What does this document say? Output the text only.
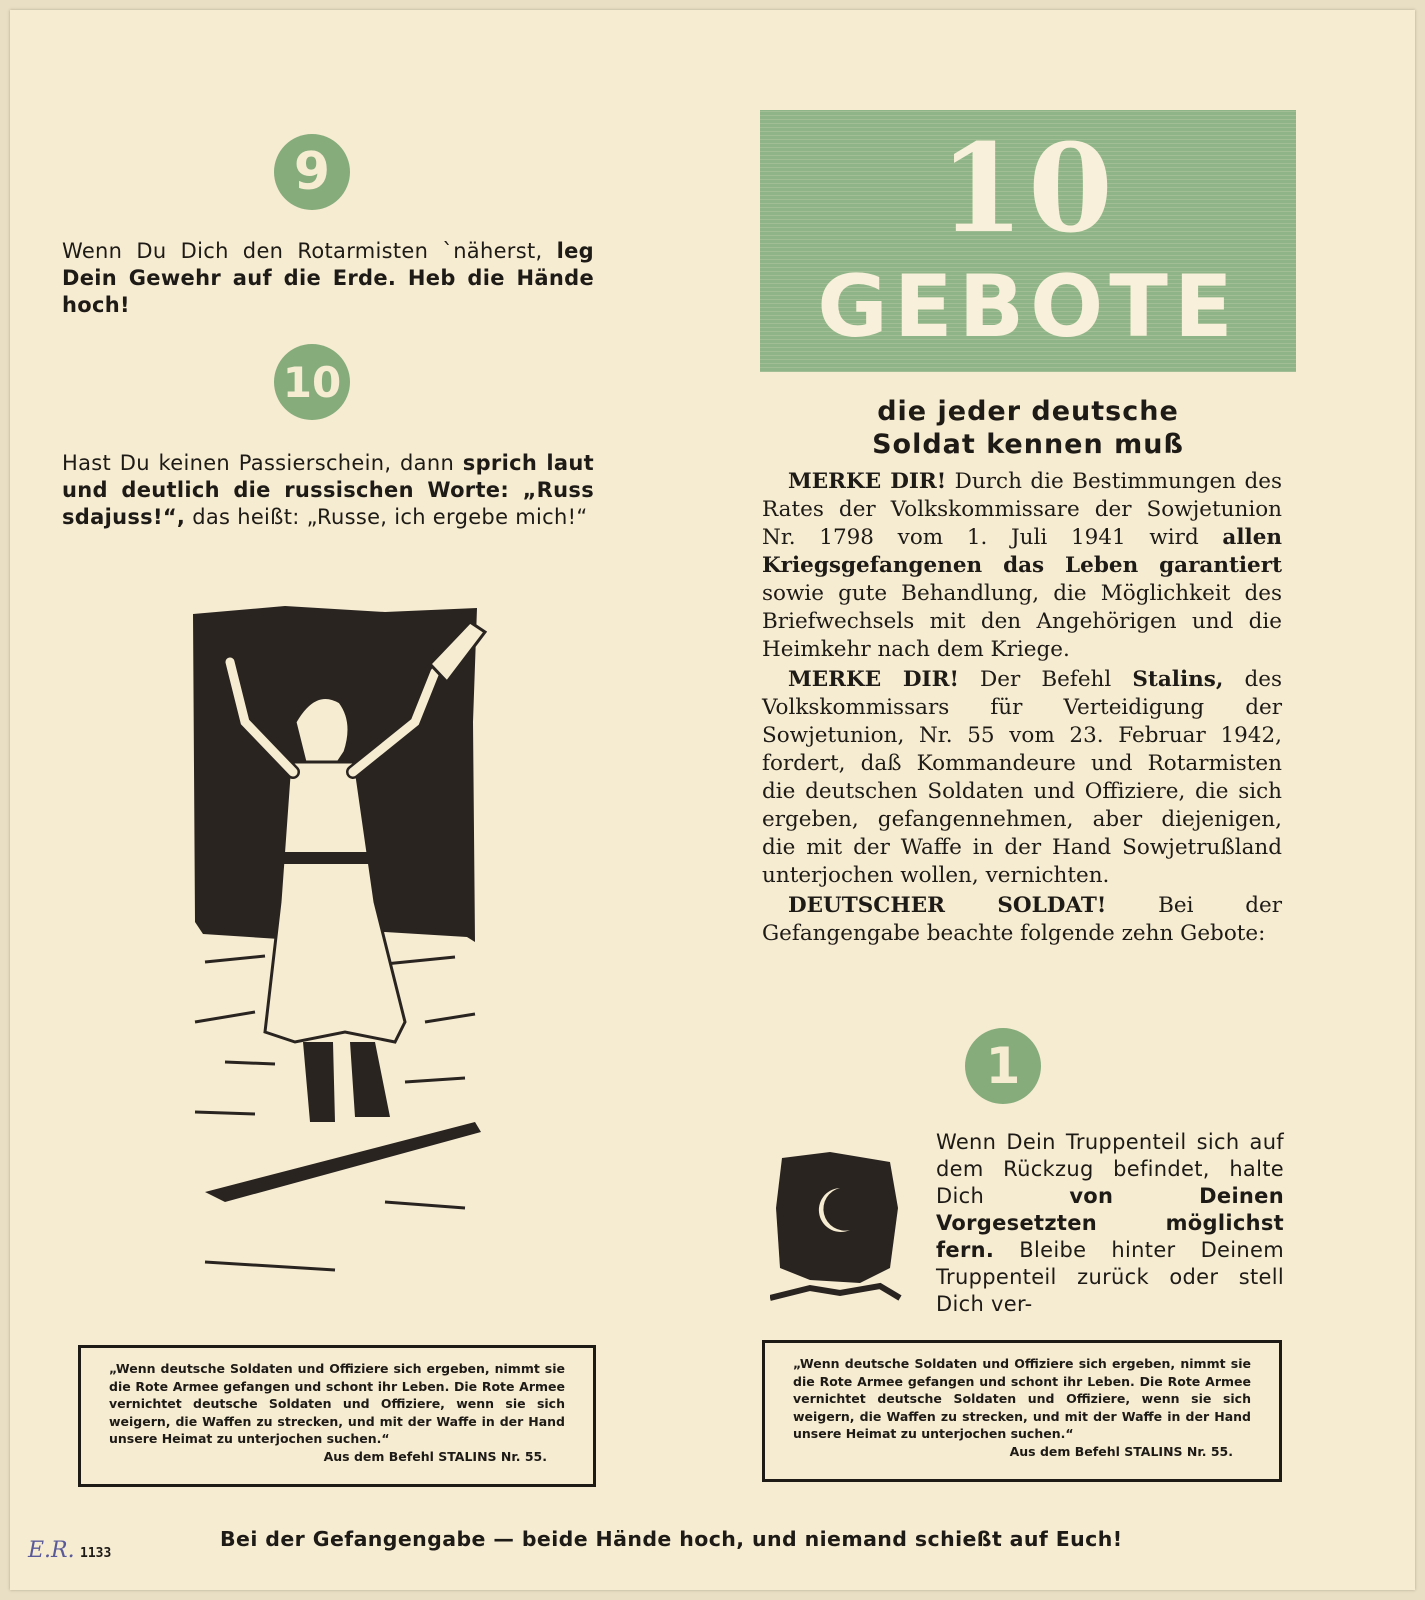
9
Wenn Du Dich den Rotarmisten `näherst, leg Dein Gewehr auf die Erde. Heb die Hände hoch!
10
Hast Du keinen Passierschein, dann sprich laut und deutlich die russischen Worte: „Russ sdajuss!“, das heißt: „Russe, ich ergebe mich!“
„Wenn deutsche Soldaten und Offiziere sich ergeben, nimmt sie die Rote Armee gefangen und schont ihr Leben. Die Rote Armee vernichtet deutsche Soldaten und Offiziere, wenn sie sich weigern, die Waffen zu strecken, und mit der Waffe in der Hand unsere Heimat zu unterjochen suchen.“
Aus dem Befehl STALINS Nr. 55.
10
GEBOTE
die jeder deutsche
Soldat kennen muß

MERKE DIR! Durch die Bestimmungen des Rates der Volkskommissare der Sowjetunion Nr. 1798 vom 1. Juli 1941 wird allen Kriegsgefangenen das Leben garantiert sowie gute Behandlung, die Möglichkeit des Briefwechsels mit den Angehörigen und die Heimkehr nach dem Kriege.

MERKE DIR! Der Befehl Stalins, des Volkskommissars für Verteidigung der Sowjetunion, Nr. 55 vom 23. Februar 1942, fordert, daß Kommandeure und Rotarmisten die deutschen Soldaten und Offiziere, die sich ergeben, gefangennehmen, aber diejenigen, die mit der Waffe in der Hand Sowjetrußland unterjochen wollen, vernichten.

DEUTSCHER SOLDAT! Bei der Gefangengabe beachte folgende zehn Gebote:

1
Wenn Dein Truppenteil sich auf dem Rückzug befindet, halte Dich	von Deinen Vorgesetzten möglichst fern. Bleibe hinter Deinem Truppenteil zurück oder stell Dich ver-
„Wenn deutsche Soldaten und Offiziere sich ergeben, nimmt sie die Rote Armee gefangen und schont ihr Leben. Die Rote Armee vernichtet deutsche Soldaten und Offiziere, wenn sie sich weigern, die Waffen zu strecken, und mit der Waffe in der Hand unsere Heimat zu unterjochen suchen.“
Aus dem Befehl STALINS Nr. 55.
Bei der Gefangengabe — beide Hände hoch, und niemand schießt auf Euch!
E.R. 1133
